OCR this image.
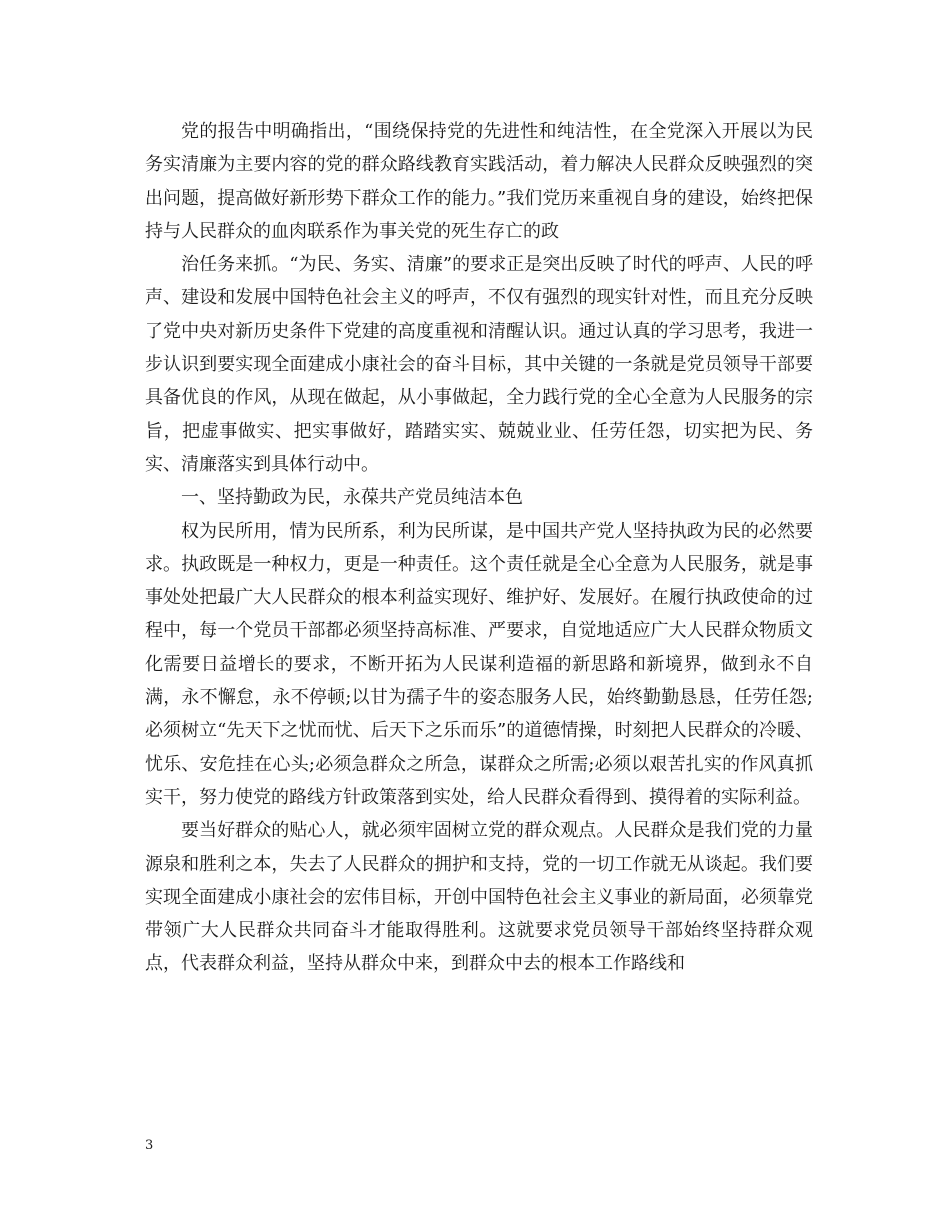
党的报告中明确指出，“围绕保持党的先进性和纯洁性，在全党深入开展以为民务实清廉为主要内容的党的群众路线教育实践活动，着力解决人民群众反映强烈的突出问题，提高做好新形势下群众工作的能力。”我们党历来重视自身的建设，始终把保持与人民群众的血肉联系作为事关党的死生存亡的政

治任务来抓。“为民、务实、清廉”的要求正是突出反映了时代的呼声、人民的呼声、建设和发展中国特色社会主义的呼声，不仅有强烈的现实针对性，而且充分反映了党中央对新历史条件下党建的高度重视和清醒认识。通过认真的学习思考，我进一步认识到要实现全面建成小康社会的奋斗目标，其中关键的一条就是党员领导干部要具备优良的作风，从现在做起，从小事做起，全力践行党的全心全意为人民服务的宗旨，把虚事做实、把实事做好，踏踏实实、兢兢业业、任劳任怨，切实把为民、务实、清廉落实到具体行动中。

一、坚持勤政为民，永葆共产党员纯洁本色

权为民所用，情为民所系，利为民所谋，是中国共产党人坚持执政为民的必然要求。执政既是一种权力，更是一种责任。这个责任就是全心全意为人民服务，就是事事处处把最广大人民群众的根本利益实现好、维护好、发展好。在履行执政使命的过程中，每一个党员干部都必须坚持高标准、严要求，自觉地适应广大人民群众物质文化需要日益增长的要求，不断开拓为人民谋利造福的新思路和新境界，做到永不自满，永不懈怠，永不停顿;以甘为孺子牛的姿态服务人民，始终勤勤恳恳，任劳任怨;必须树立“先天下之忧而忧、后天下之乐而乐”的道德情操，时刻把人民群众的冷暖、忧乐、安危挂在心头;必须急群众之所急，谋群众之所需;必须以艰苦扎实的作风真抓实干，努力使党的路线方针政策落到实处，给人民群众看得到、摸得着的实际利益。

要当好群众的贴心人，就必须牢固树立党的群众观点。人民群众是我们党的力量源泉和胜利之本，失去了人民群众的拥护和支持，党的一切工作就无从谈起。我们要实现全面建成小康社会的宏伟目标，开创中国特色社会主义事业的新局面，必须靠党带领广大人民群众共同奋斗才能取得胜利。这就要求党员领导干部始终坚持群众观点，代表群众利益，坚持从群众中来，到群众中去的根本工作路线和

3
